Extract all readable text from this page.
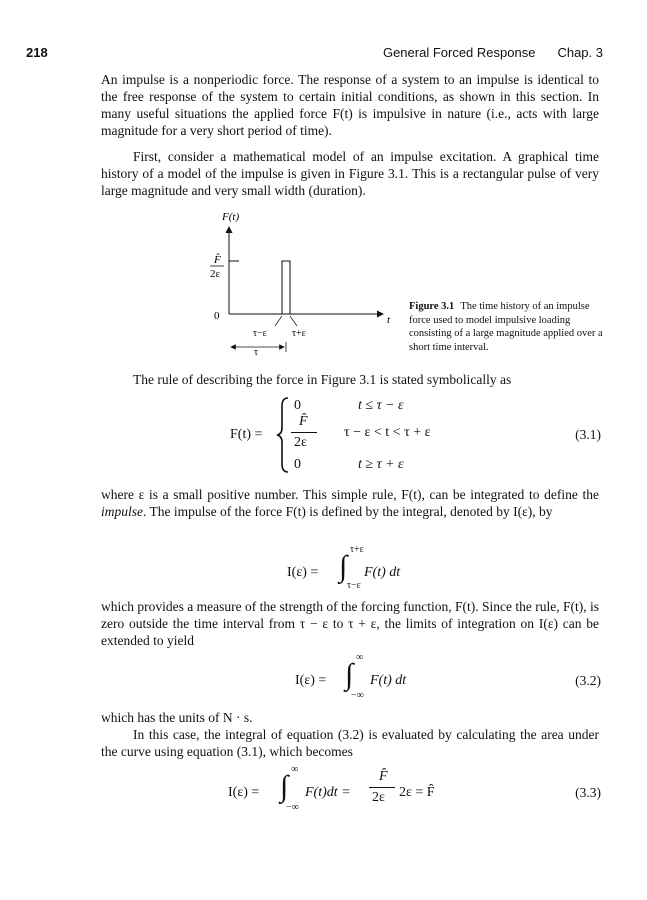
218	General Forced Response Chap. 3

An impulse is a nonperiodic force. The response of a system to an impulse is identical to the free response of the system to certain initial conditions, as shown in this section. In many useful situations the applied force F(t) is impulsive in nature (i.e., acts with large magnitude for a very short period of time).

First, consider a mathematical model of an impulse excitation. A graphical time history of a model of the impulse is given in Figure 3.1. This is a rectangular pulse of very large magnitude and very small width (duration).

F(t)
F̂
2ε
0	t
τ−ε	τ+ε
τ
Figure 3.1 The time history of an impulse force used to model impulsive loading consisting of a large magnitude applied over a short time interval.

The rule of describing the force in Figure 3.1 is stated symbolically as

F(t) =
0	t ≤ τ − ε
F̂
2ε
τ − ε < t < τ + ε
0	t ≥ τ + ε
(3.1)

where ε is a small positive number. This simple rule, F(t), can be integrated to define the impulse. The impulse of the force F(t) is defined by the integral, denoted by I(ε), by

I(ε) = ∫
τ+ε
τ−ε
F(t) dt

which provides a measure of the strength of the forcing function, F(t). Since the rule, F(t), is zero outside the time interval from τ − ε to τ + ε, the limits of integration on I(ε) can be extended to yield

I(ε) = ∫
∞
−∞
F(t) dt	(3.2)

which has the units of N · s.

In this case, the integral of equation (3.2) is evaluated by calculating the area under the curve using equation (3.1), which becomes

I(ε) = ∫
∞
−∞
F(t)dt =
F̂
2ε 2ε = F̂	(3.3)
